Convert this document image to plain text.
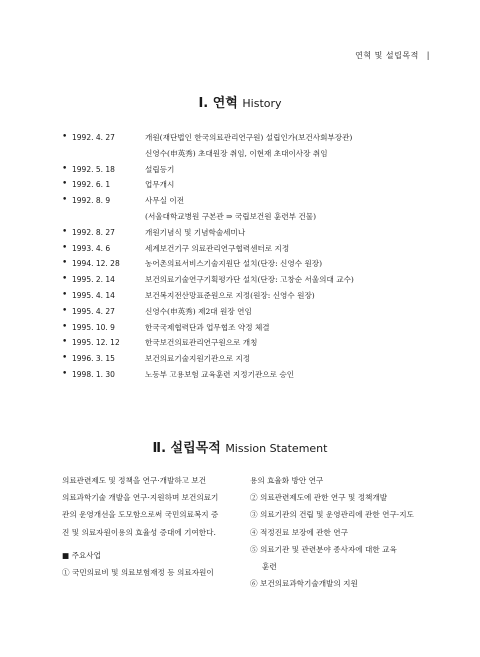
연혁 및 설립목적 |
Ⅰ. 연혁 History
• 1992. 4. 27	개원(재단법인 한국의료관리연구원) 설립인가(보건사회부장관)
신영수(申英秀) 초대원장 취임, 이현재 초대이사장 취임
• 1992. 5. 18	설립등기
• 1992. 6. 1	업무개시
• 1992. 8. 9	사무실 이전
(서울대학교병원 구본관 ⇒ 국립보건원 훈련부 건물)
• 1992. 8. 27	개원기념식 및 기념학술세미나
• 1993. 4. 6	세계보건기구 의료관리연구협력센터로 지정
• 1994. 12. 28	농어촌의료서비스기술지원단 설치(단장: 신영수 원장)
• 1995. 2. 14	보건의료기술연구기획평가단 설치(단장: 고창순 서울의대 교수)
• 1995. 4. 14	보건복지전산망표준원으로 지정(원장: 신영수 원장)
• 1995. 4. 27	신영수(申英秀) 제2대 원장 연임
• 1995. 10. 9	한국국제협력단과 업무협조 약정 체결
• 1995. 12. 12	한국보건의료관리연구원으로 개칭
• 1996. 3. 15	보건의료기술지원기관으로 지정
• 1998. 1. 30	노동부 고용보험 교육훈련 지정기관으로 승인
Ⅱ. 설립목적 Mission Statement

의료관련제도 및 정책을 연구·개발하고 보건

의료과학기술 개발을 연구·지원하며 보건의료기

관의 운영개선을 도모함으로써 국민의료복지 증

진 및 의료자원이용의 효율성 증대에 기여한다.

■ 주요사업

① 국민의료비 및 의료보험재정 등 의료자원이

용의 효율화 방안 연구

② 의료관련제도에 관한 연구 및 정책개발

③ 의료기관의 건립 및 운영관리에 관한 연구·지도

④ 적정진료 보장에 관한 연구

⑤ 의료기관 및 관련분야 종사자에 대한 교육

훈련

⑥ 보건의료과학기술개발의 지원
